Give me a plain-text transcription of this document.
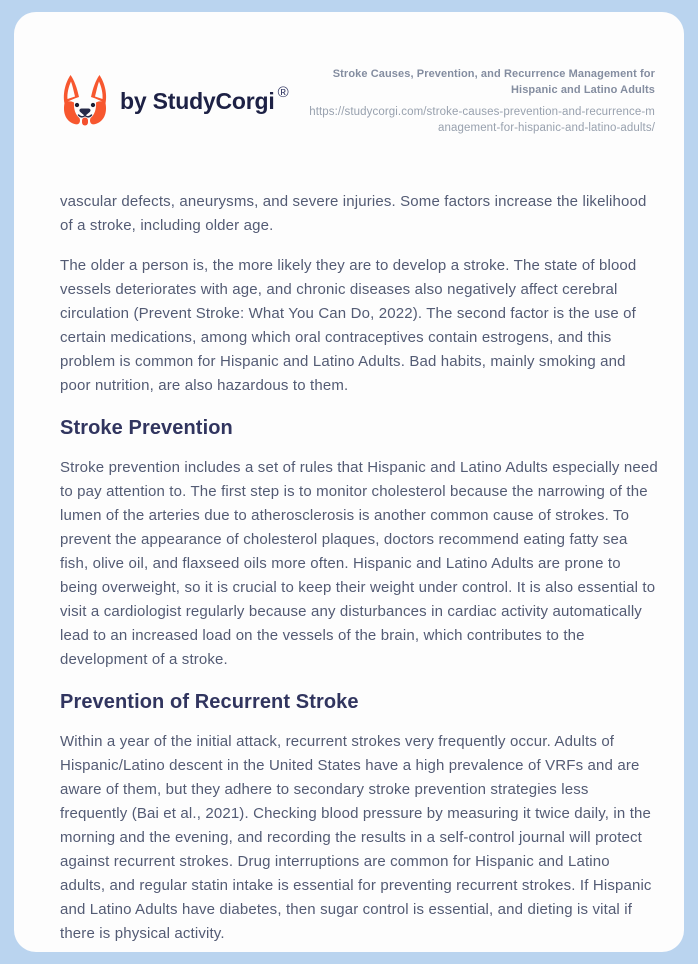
by StudyCorgi ®
Stroke Causes, Prevention, and Recurrence Management for Hispanic and Latino Adults
https://studycorgi.com/stroke-causes-prevention-and-recurrence-management-for-hispanic-and-latino-adults/

vascular defects, aneurysms, and severe injuries. Some factors increase the likelihood of a stroke, including older age.

The older a person is, the more likely they are to develop a stroke. The state of blood vessels deteriorates with age, and chronic diseases also negatively affect cerebral circulation (Prevent Stroke: What You Can Do, 2022). The second factor is the use of certain medications, among which oral contraceptives contain estrogens, and this problem is common for Hispanic and Latino Adults. Bad habits, mainly smoking and poor nutrition, are also hazardous to them.

Stroke Prevention

Stroke prevention includes a set of rules that Hispanic and Latino Adults especially need to pay attention to. The first step is to monitor cholesterol because the narrowing of the lumen of the arteries due to atherosclerosis is another common cause of strokes. To prevent the appearance of cholesterol plaques, doctors recommend eating fatty sea fish, olive oil, and flaxseed oils more often. Hispanic and Latino Adults are prone to being overweight, so it is crucial to keep their weight under control. It is also essential to visit a cardiologist regularly because any disturbances in cardiac activity automatically lead to an increased load on the vessels of the brain, which contributes to the development of a stroke.

Prevention of Recurrent Stroke

Within a year of the initial attack, recurrent strokes very frequently occur. Adults of Hispanic/Latino descent in the United States have a high prevalence of VRFs and are aware of them, but they adhere to secondary stroke prevention strategies less frequently (Bai et al., 2021). Checking blood pressure by measuring it twice daily, in the morning and the evening, and recording the results in a self-control journal will protect against recurrent strokes. Drug interruptions are common for Hispanic and Latino adults, and regular statin intake is essential for preventing recurrent strokes. If Hispanic and Latino Adults have diabetes, then sugar control is essential, and dieting is vital if there is physical activity.
